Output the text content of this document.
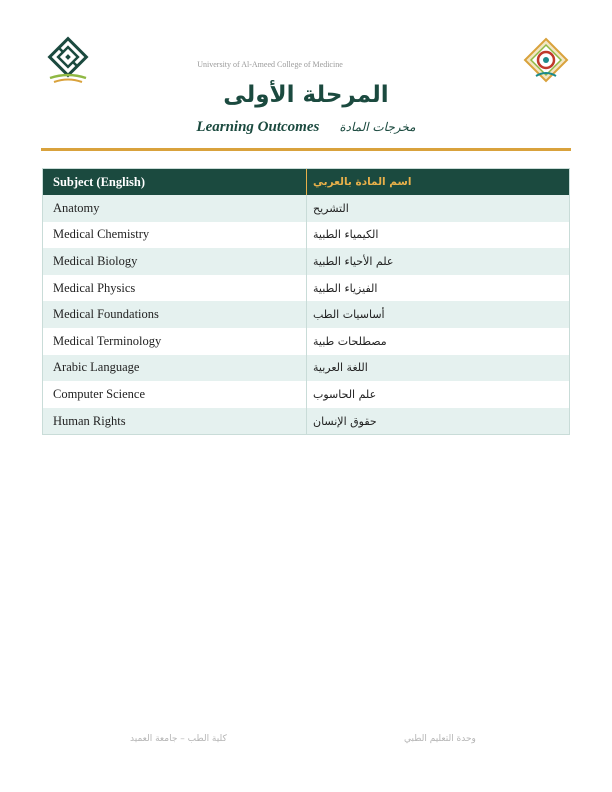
University of Al-Ameed College of Medicine
المرحلة الأولى
Learning Outcomes مخرجات المادة
Subject (English)	اسم المادة بالعربي
Anatomy	التشريح
Medical Chemistry	الكيمياء الطبية
Medical Biology	علم الأحياء الطبية
Medical Physics	الفيزياء الطبية
Medical Foundations	أساسيات الطب
Medical Terminology	مصطلحات طبية
Arabic Language	اللغة العربية
Computer Science	علم الحاسوب
Human Rights	حقوق الإنسان
كلية الطب – جامعة العميد	وحدة التعليم الطبي
